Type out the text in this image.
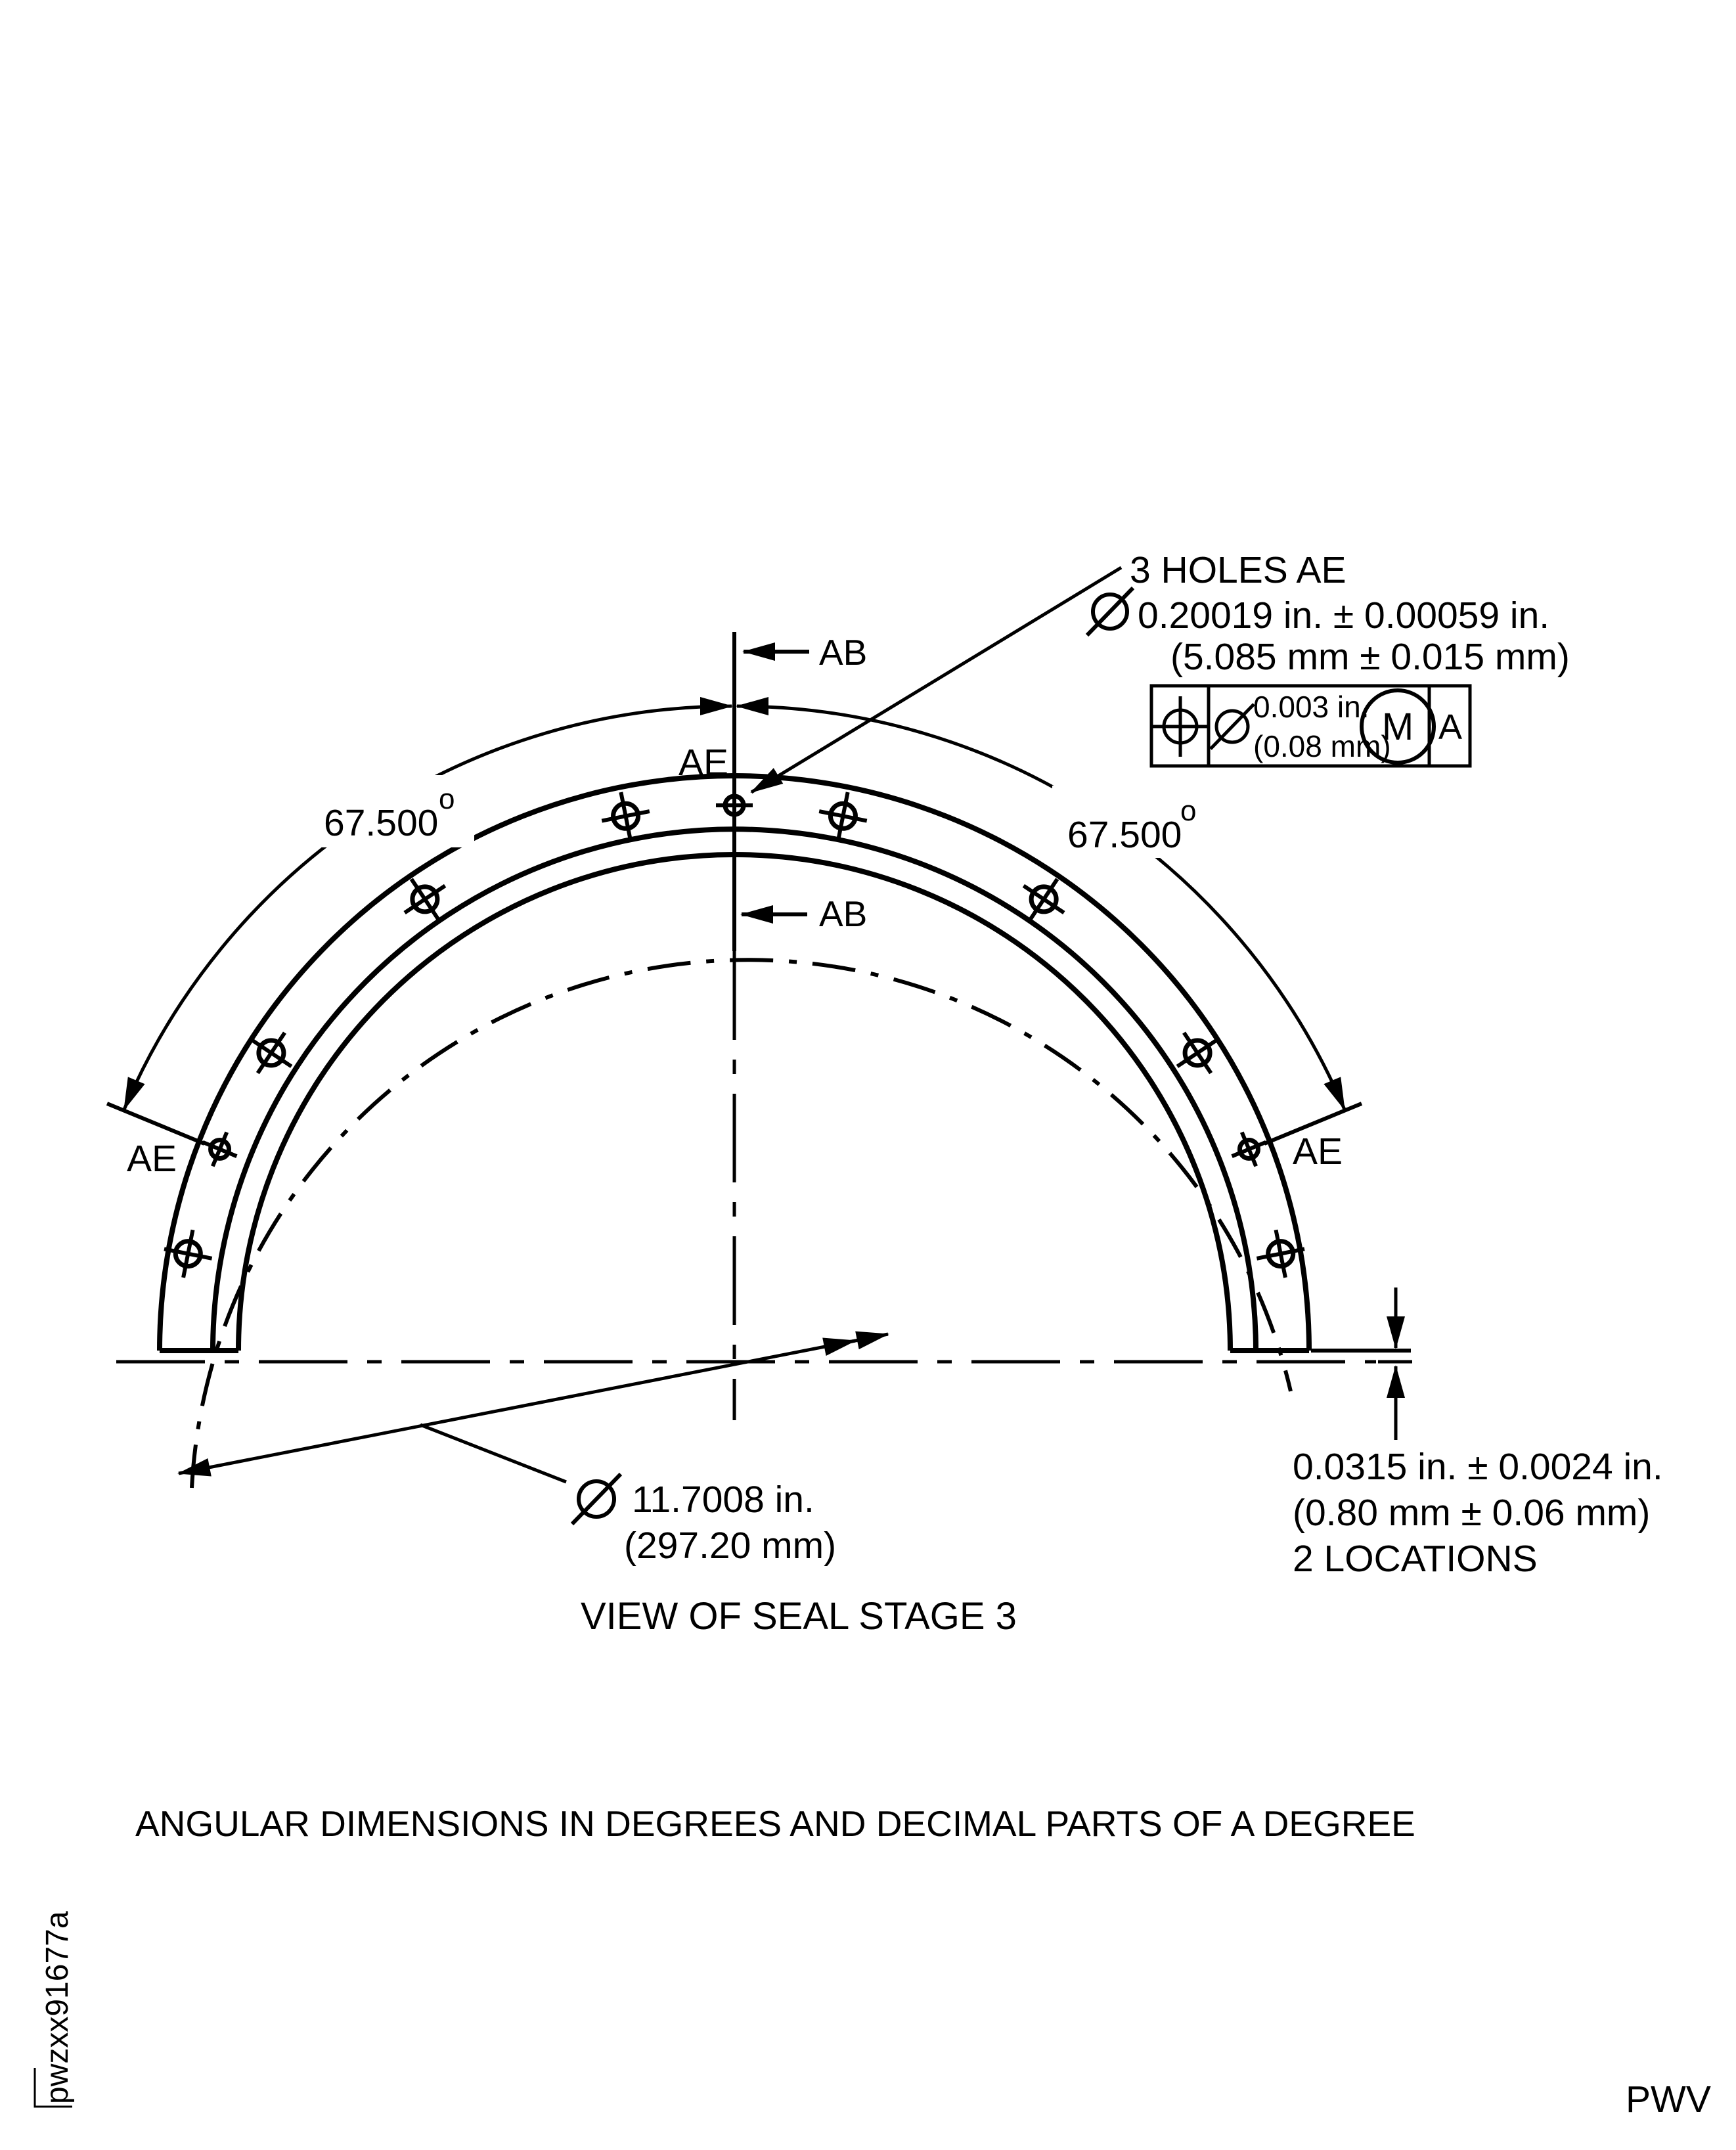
0.003 in.
(0.08 mm)
M A
3 HOLES AE
0.20019 in. ± 0.00059 in.
(5.085 mm ± 0.015 mm)
67.500
o
67.500
o
AB
AB
AE
AE	AE
11.7008 in.
(297.20 mm)
0.0315 in. ± 0.0024 in.
(0.80 mm ± 0.06 mm)
2 LOCATIONS
VIEW OF SEAL STAGE 3
ANGULAR DIMENSIONS IN DEGREES AND DECIMAL PARTS OF A DEGREE
pwzxx91677a	PWV
